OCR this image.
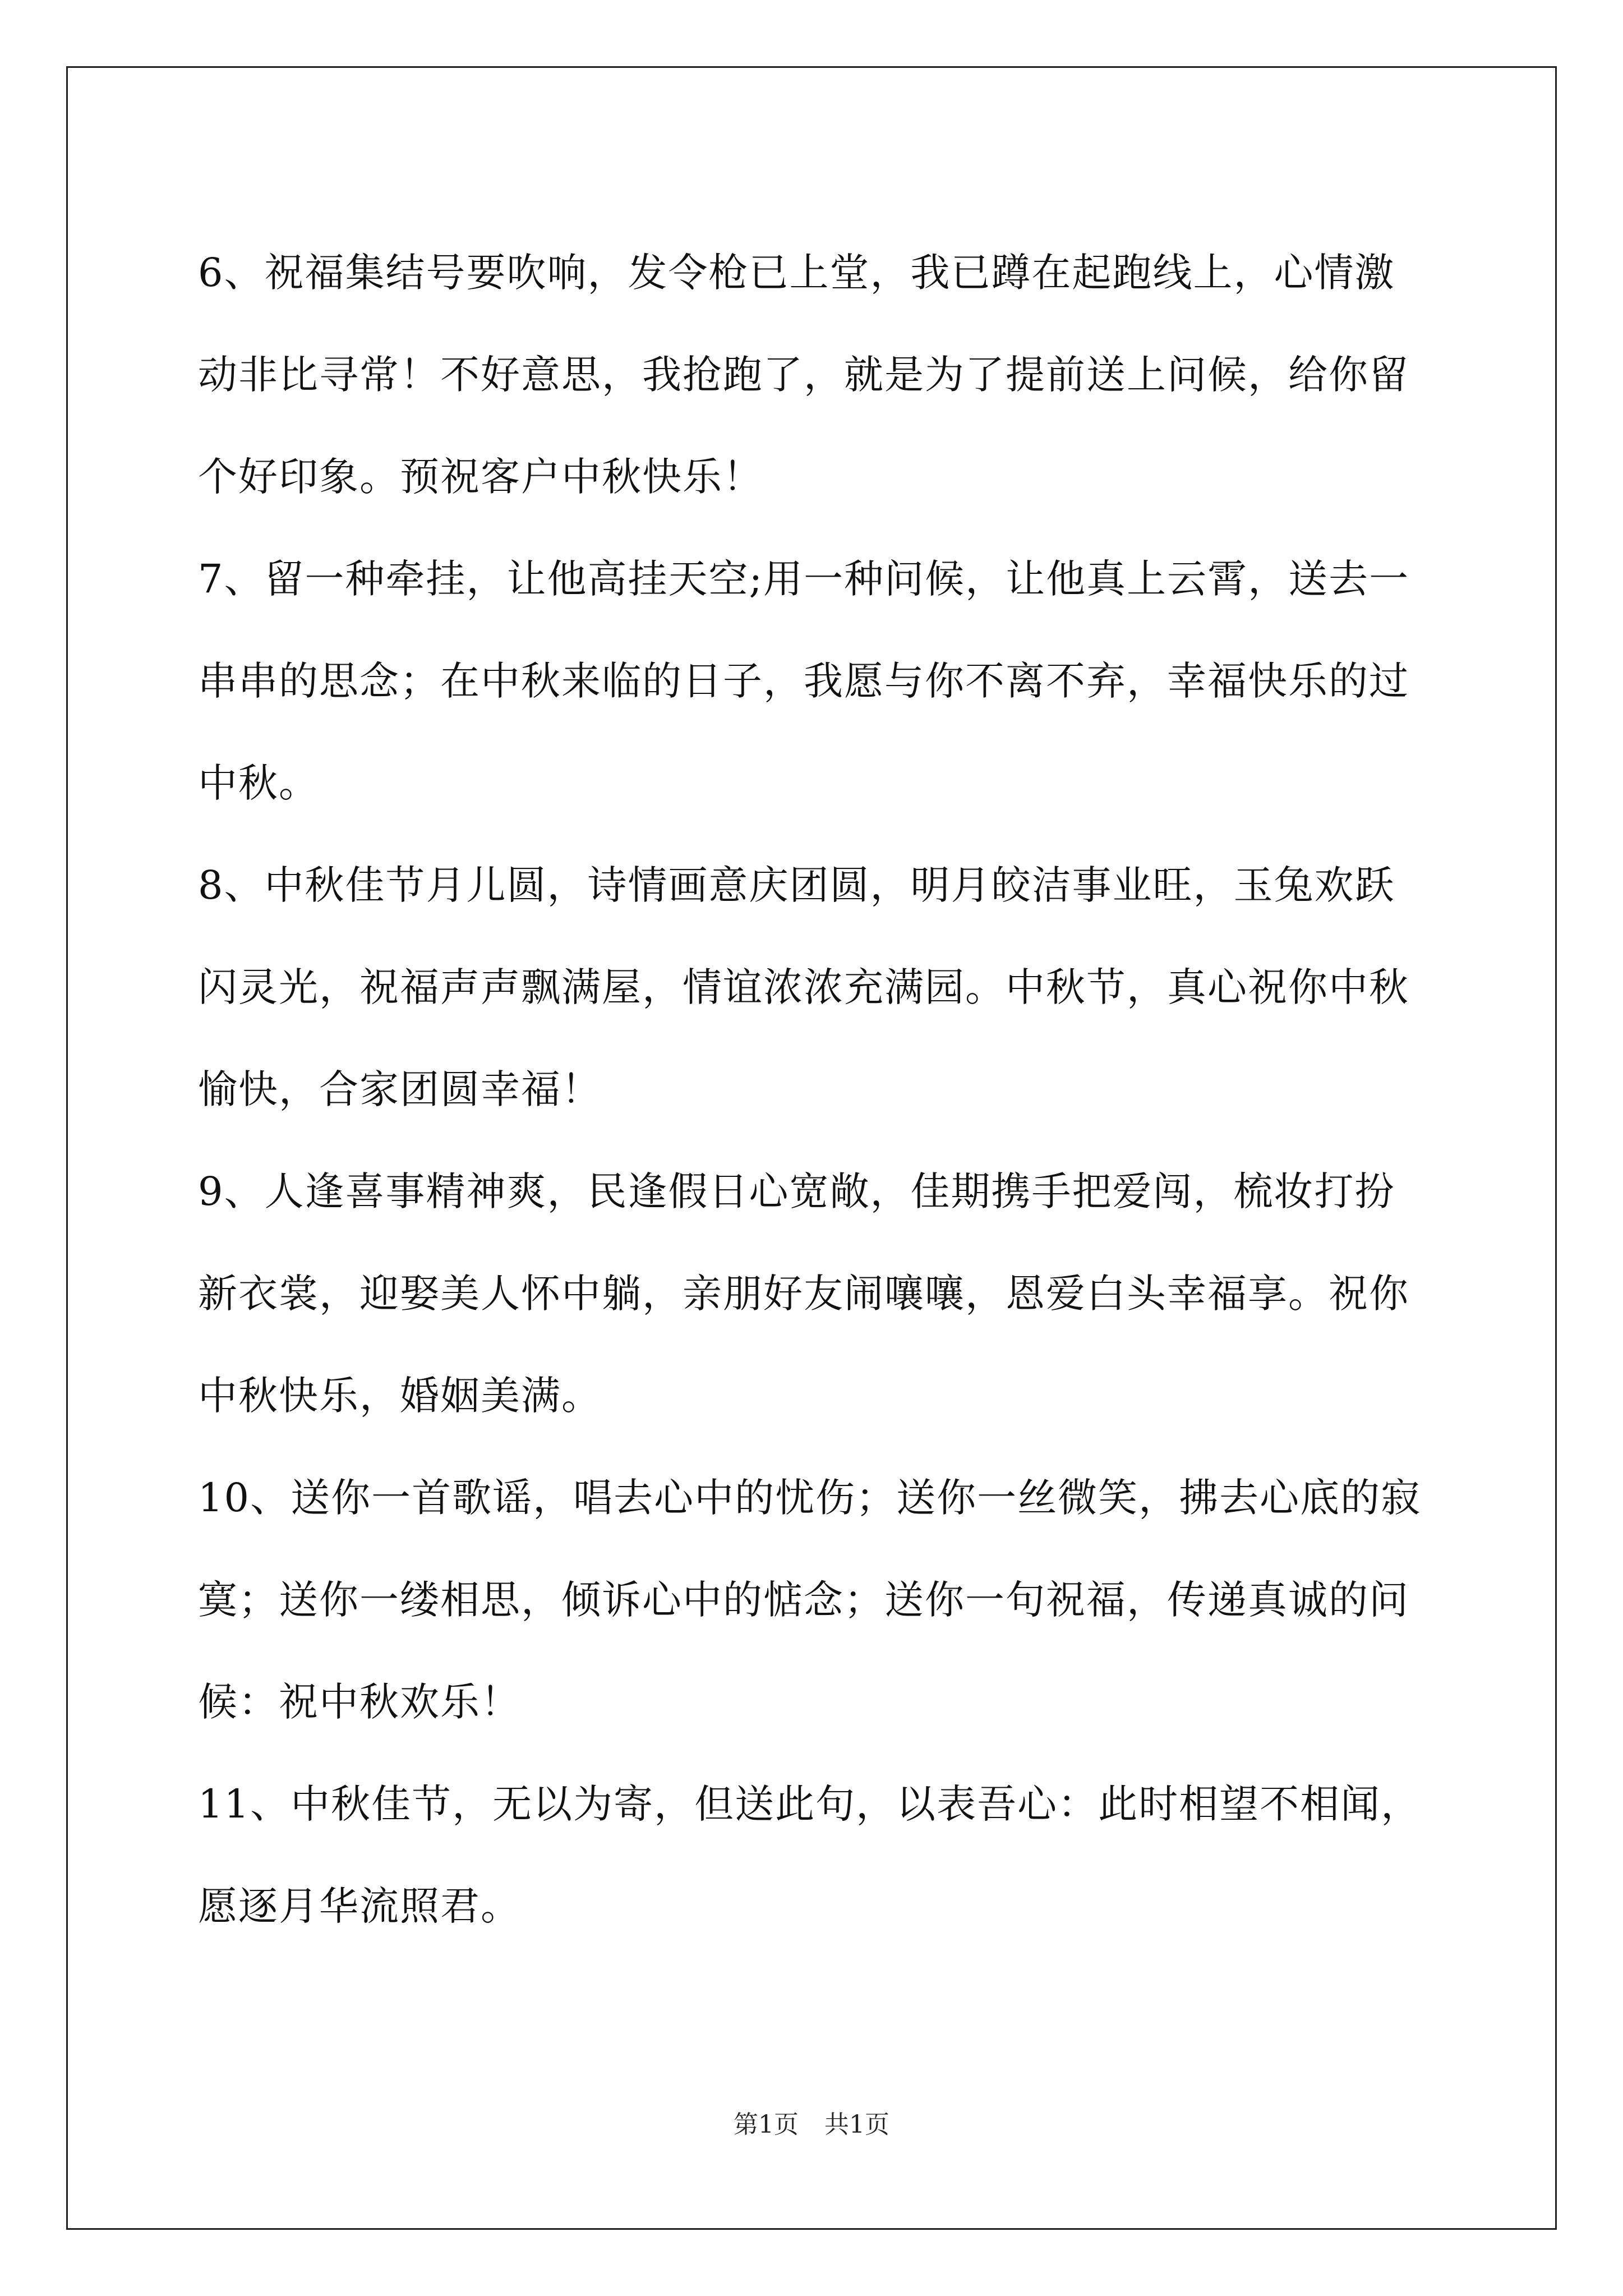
6、祝福集结号要吹响，发令枪已上堂，我已蹲在起跑线上，心情激动非比寻常！不好意思，我抢跑了，就是为了提前送上问候，给你留个好印象。预祝客户中秋快乐！

7、留一种牵挂，让他高挂天空;用一种问候，让他真上云霄，送去一串串的思念；在中秋来临的日子，我愿与你不离不弃，幸福快乐的过中秋。

8、中秋佳节月儿圆，诗情画意庆团圆，明月皎洁事业旺，玉兔欢跃闪灵光，祝福声声飘满屋，情谊浓浓充满园。中秋节，真心祝你中秋愉快，合家团圆幸福！

9、人逢喜事精神爽，民逢假日心宽敞，佳期携手把爱闯，梳妆打扮新衣裳，迎娶美人怀中躺，亲朋好友闹嚷嚷，恩爱白头幸福享。祝你中秋快乐，婚姻美满。

10、送你一首歌谣，唱去心中的忧伤；送你一丝微笑，拂去心底的寂寞；送你一缕相思，倾诉心中的惦念；送你一句祝福，传递真诚的问候：祝中秋欢乐！

11、中秋佳节，无以为寄，但送此句，以表吾心：此时相望不相闻，愿逐月华流照君。

第1页 共1页
